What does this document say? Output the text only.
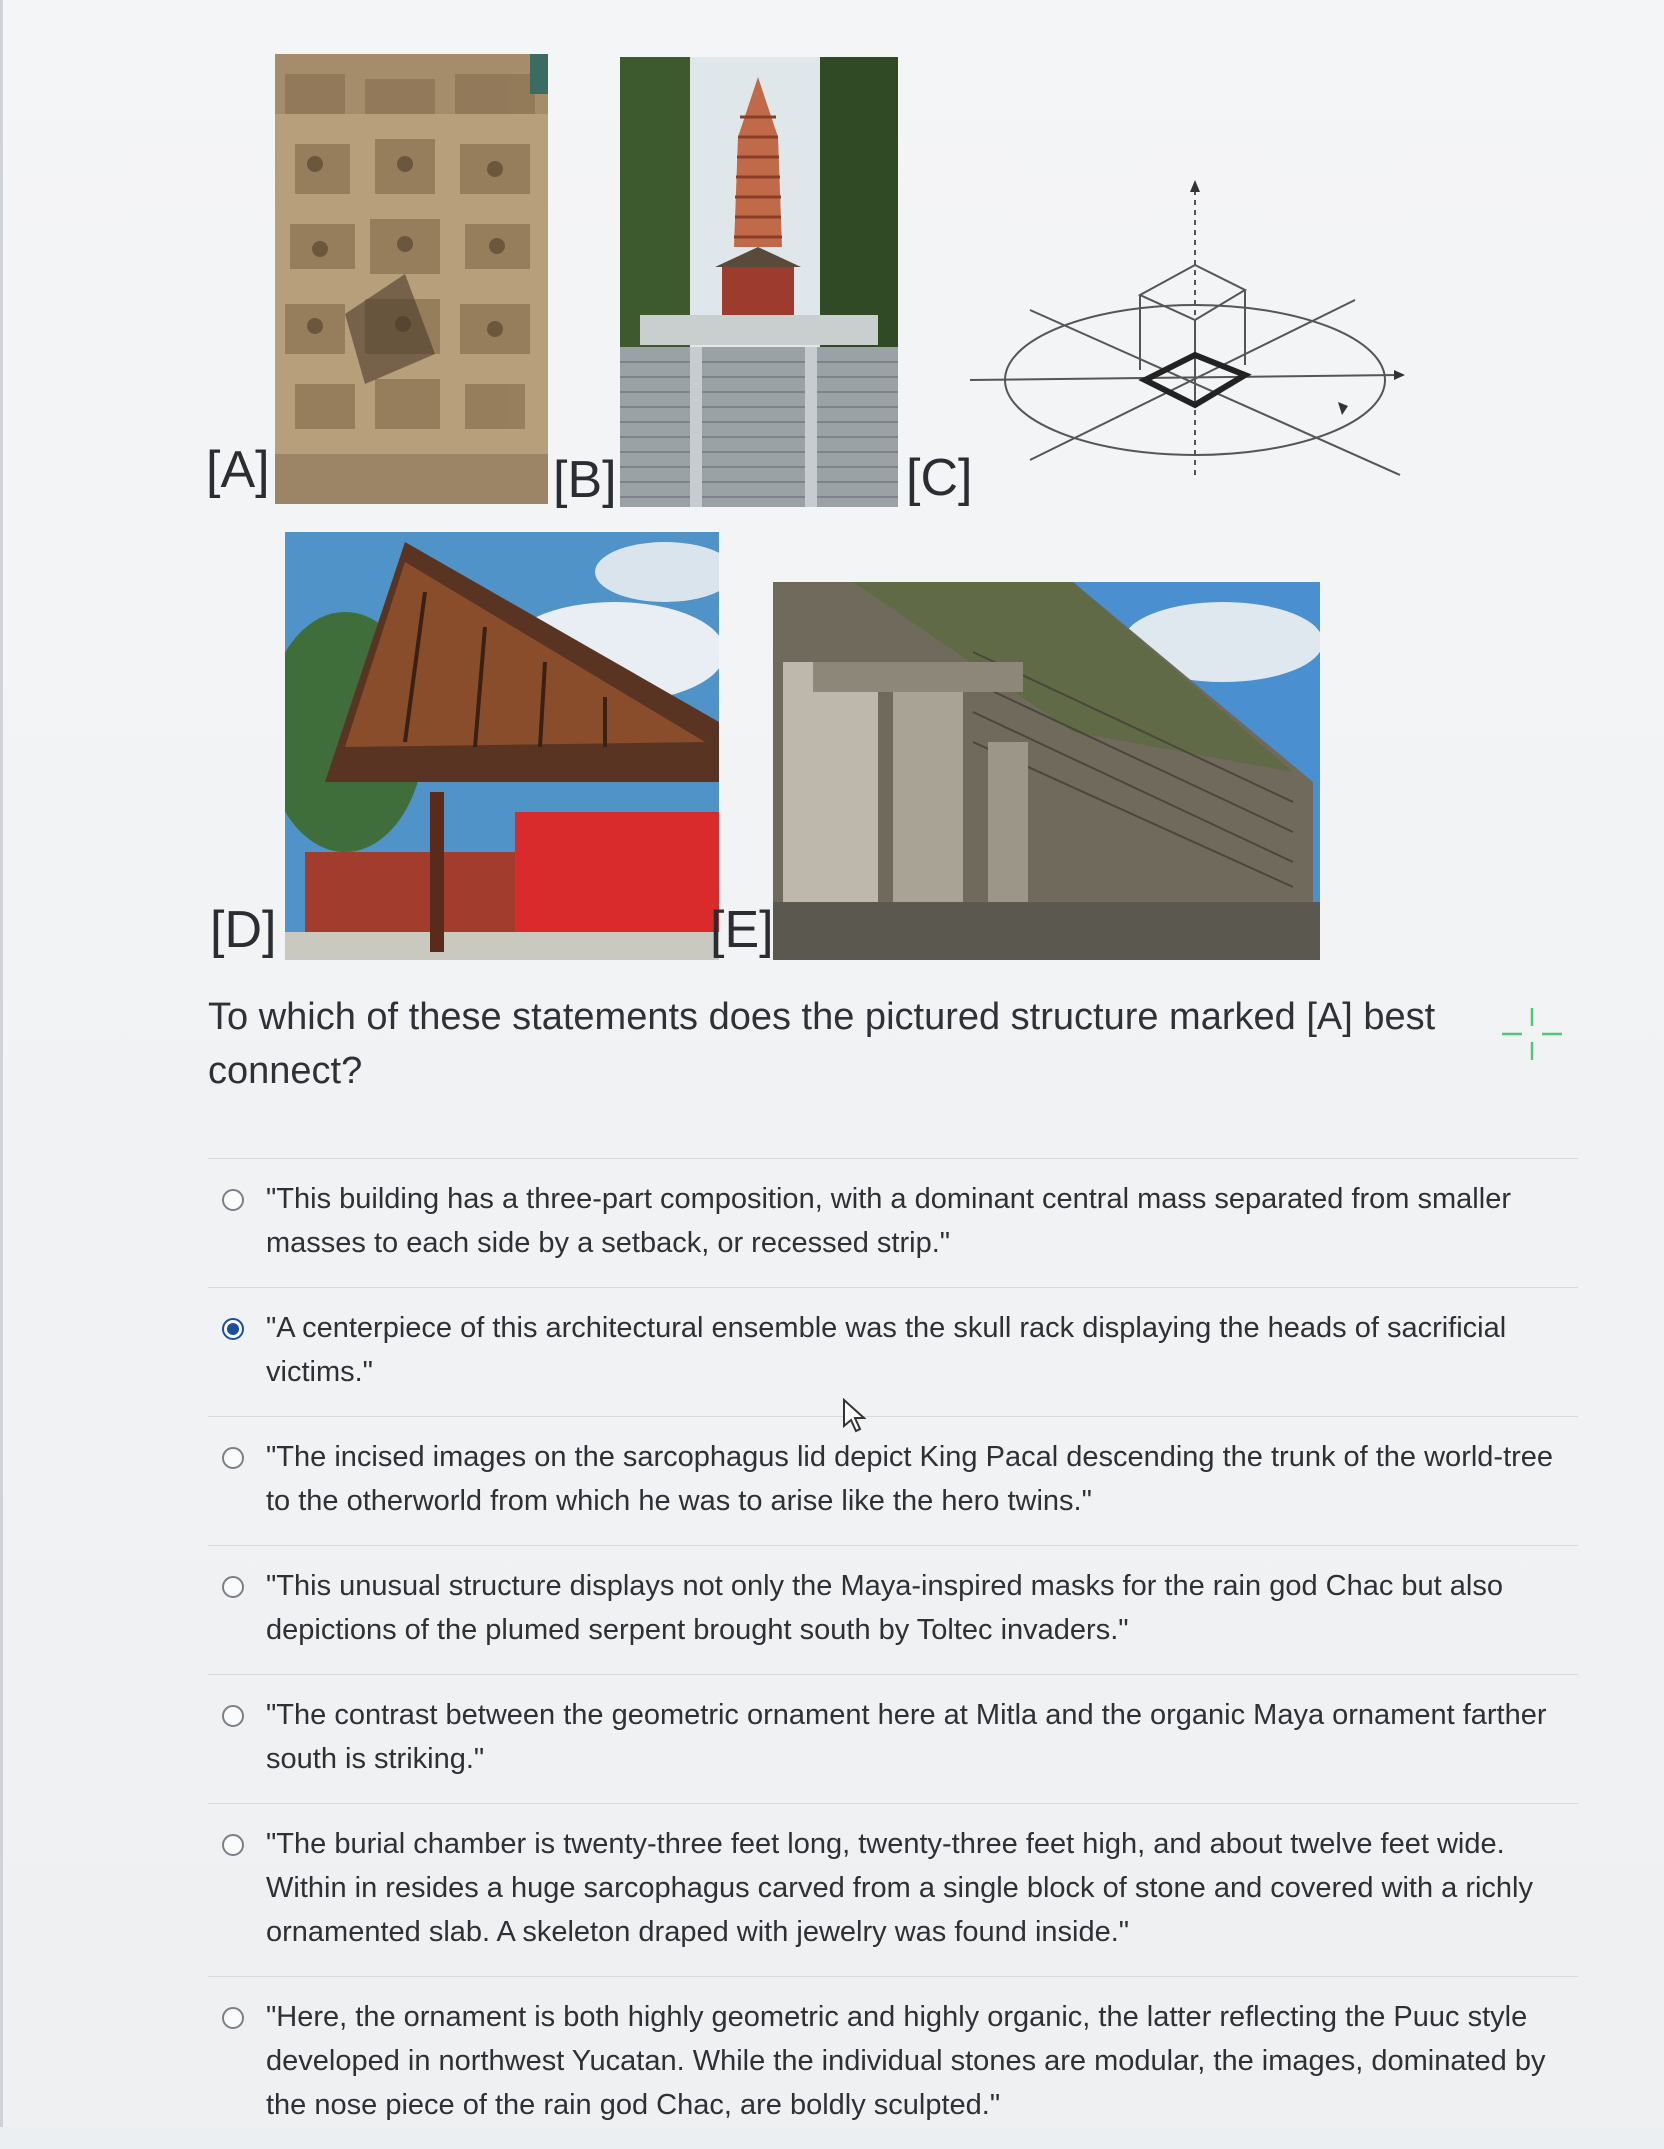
[A]	[B]	[C]
[D]	[E]
To which of these statements does the pictured structure marked [A] best connect?
"This building has a three-part composition, with a dominant central mass separated from smaller masses to each side by a setback, or recessed strip."
"A centerpiece of this architectural ensemble was the skull rack displaying the heads of sacrificial victims."
"The incised images on the sarcophagus lid depict King Pacal descending the trunk of the world-tree to the otherworld from which he was to arise like the hero twins."
"This unusual structure displays not only the Maya-inspired masks for the rain god Chac but also depictions of the plumed serpent brought south by Toltec invaders."
"The contrast between the geometric ornament here at Mitla and the organic Maya ornament farther south is striking."
"The burial chamber is twenty-three feet long, twenty-three feet high, and about twelve feet wide. Within in resides a huge sarcophagus carved from a single block of stone and covered with a richly ornamented slab. A skeleton draped with jewelry was found inside."
"Here, the ornament is both highly geometric and highly organic, the latter reflecting the Puuc style developed in northwest Yucatan. While the individual stones are modular, the images, dominated by the nose piece of the rain god Chac, are boldly sculpted."
